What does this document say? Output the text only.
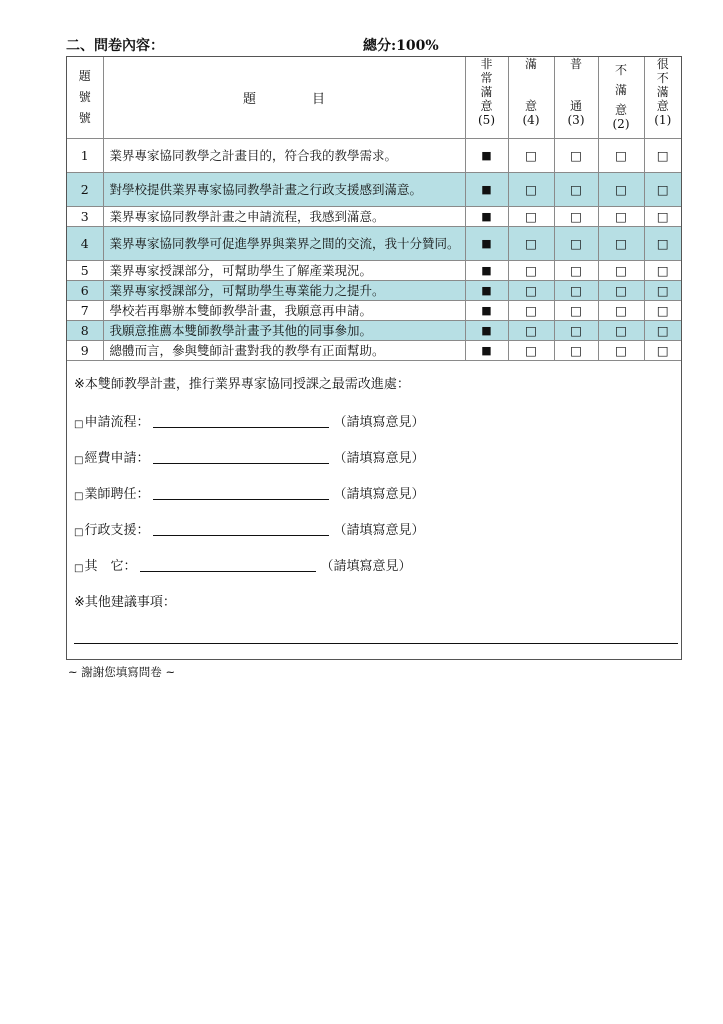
二、問卷內容：	總分:100%
題
號
號	題 目	非
常
滿
意
(5)	滿

意
(4)	普

通
(3)	不
滿
意
(2)	很
不
滿
意
(1)

1	業界專家協同教學之計畫目的，符合我的教學需求。	■	□	□	□	□
2	對學校提供業界專家協同教學計畫之行政支援感到滿意。	■	□	□	□	□
3	業界專家協同教學計畫之申請流程，我感到滿意。	■	□	□	□	□
4	業界專家協同教學可促進學界與業界之間的交流，我十分贊同。	■	□	□	□	□
5	業界專家授課部分，可幫助學生了解產業現況。	■	□	□	□	□
6	業界專家授課部分，可幫助學生專業能力之提升。	■	□	□	□	□
7	學校若再舉辦本雙師教學計畫，我願意再申請。	■	□	□	□	□
8	我願意推薦本雙師教學計畫予其他的同事參加。	■	□	□	□	□
9	總體而言，參與雙師計畫對我的教學有正面幫助。	■	□	□	□	□
※本雙師教學計畫，推行業界專家協同授課之最需改進處：
□ 申請流程：	（請填寫意見）
□ 經費申請：	（請填寫意見）
□ 業師聘任：	（請填寫意見）
□ 行政支援：	（請填寫意見）
□ 其　它：	（請填寫意見）
※其他建議事項：
~ 謝謝您填寫問卷 ~
